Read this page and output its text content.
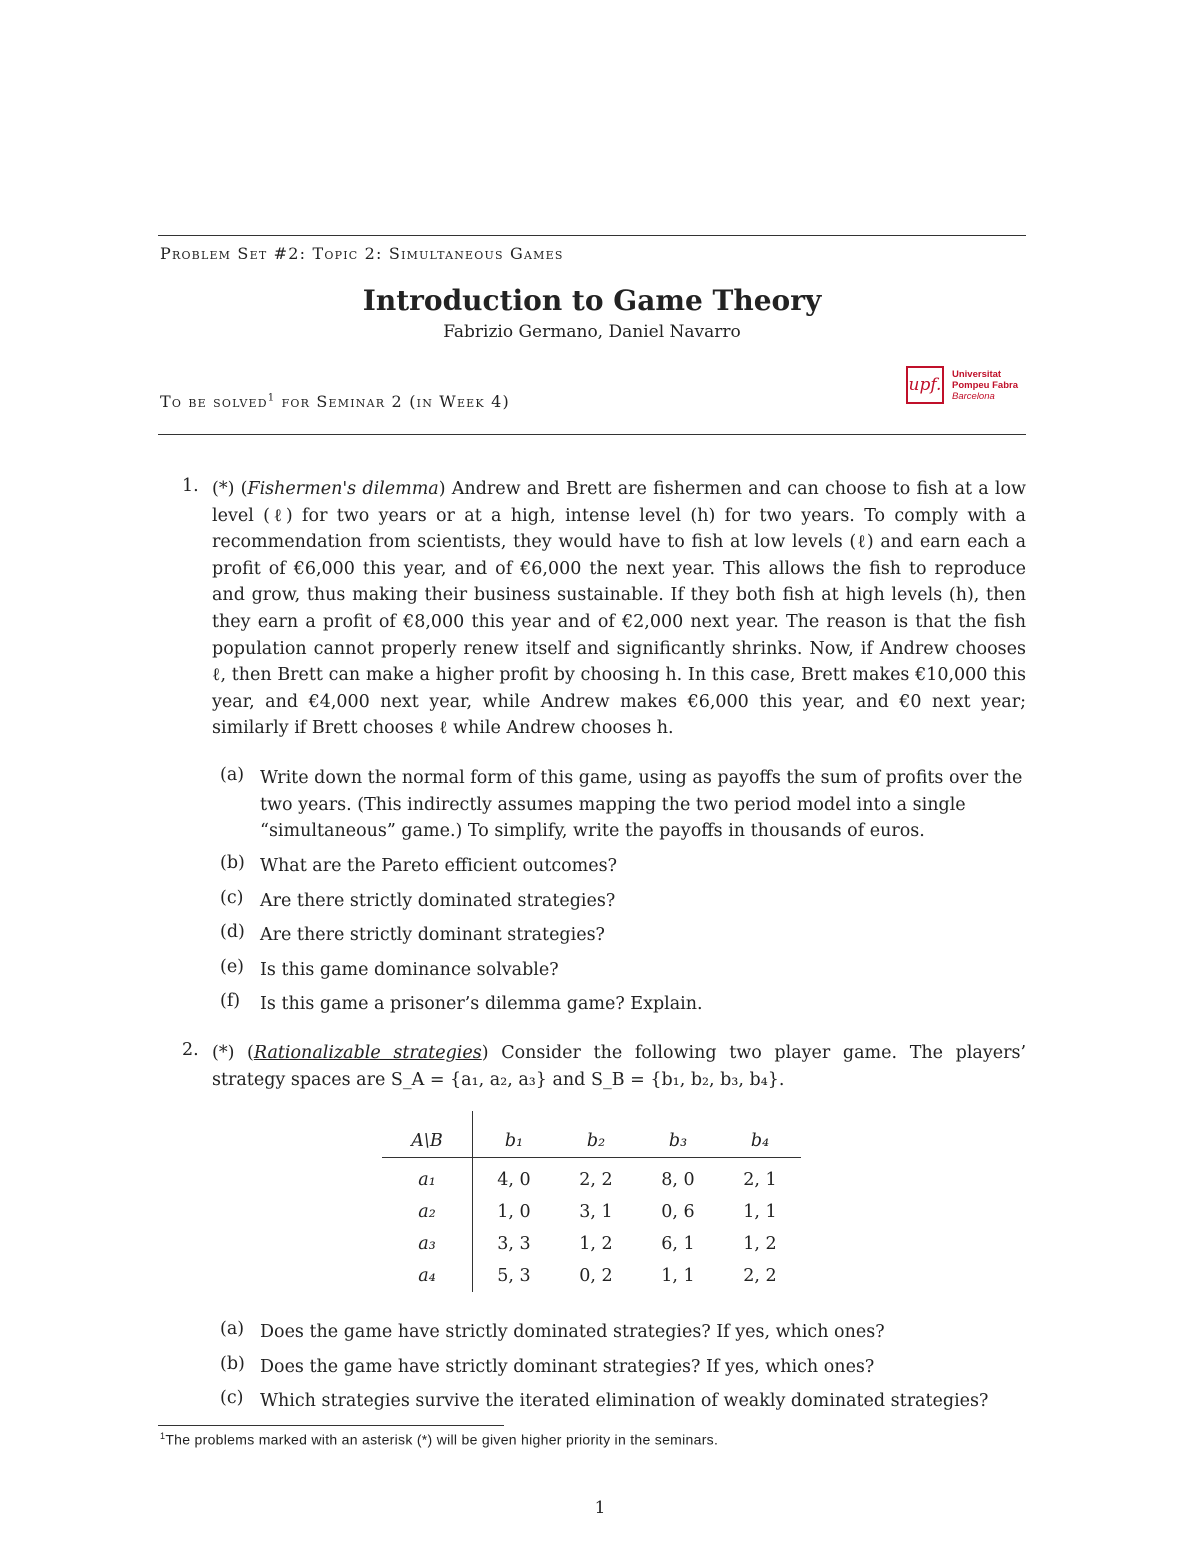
Problem Set #2: Topic 2: Simultaneous Games
Introduction to Game Theory
Fabrizio Germano, Daniel Navarro
To be solved$^1$ for Seminar 2 (in Week 4)
upf.
Universitat
Pompeu Fabra
Barcelona
1. (*) (Fishermen's dilemma) Andrew and Brett are fishermen and can choose to fish at a low level (ℓ) for two years or at a high, intense level (h) for two years. To comply with a recommendation from scientists, they would have to fish at low levels (ℓ) and earn each a profit of €6,000 this year, and of €6,000 the next year. This allows the fish to reproduce and grow, thus making their business sustainable. If they both fish at high levels (h), then they earn a profit of €8,000 this year and of €2,000 next year. The reason is that the fish population cannot properly renew itself and significantly shrinks. Now, if Andrew chooses ℓ, then Brett can make a higher profit by choosing h. In this case, Brett makes €10,000 this year, and €4,000 next year, while Andrew makes €6,000 this year, and €0 next year; similarly if Brett chooses ℓ while Andrew chooses h.

(a) Write down the normal form of this game, using as payoffs the sum of profits over the two years. (This indirectly assumes mapping the two period model into a single “simultaneous” game.) To simplify, write the payoffs in thousands of euros.
(b) What are the Pareto efficient outcomes?
(c) Are there strictly dominated strategies?
(d) Are there strictly dominant strategies?
(e) Is this game dominance solvable?
(f) Is this game a prisoner’s dilemma game? Explain.
2. (*) (Rationalizable strategies) Consider the following two player game. The players’ strategy spaces are S_A = {a₁, a₂, a₃} and S_B = {b₁, b₂, b₃, b₄}.

A\B	b₁	b₂	b₃	b₄
a₁	4, 0	2, 2	8, 0	2, 1
a₂	1, 0	3, 1	0, 6	1, 1
a₃	3, 3	1, 2	6, 1	1, 2
a₄	5, 3	0, 2	1, 1	2, 2
(a) Does the game have strictly dominated strategies? If yes, which ones?
(b) Does the game have strictly dominant strategies? If yes, which ones?
(c) Which strategies survive the iterated elimination of weakly dominated strategies?
$^1$The problems marked with an asterisk (*) will be given higher priority in the seminars.
1
